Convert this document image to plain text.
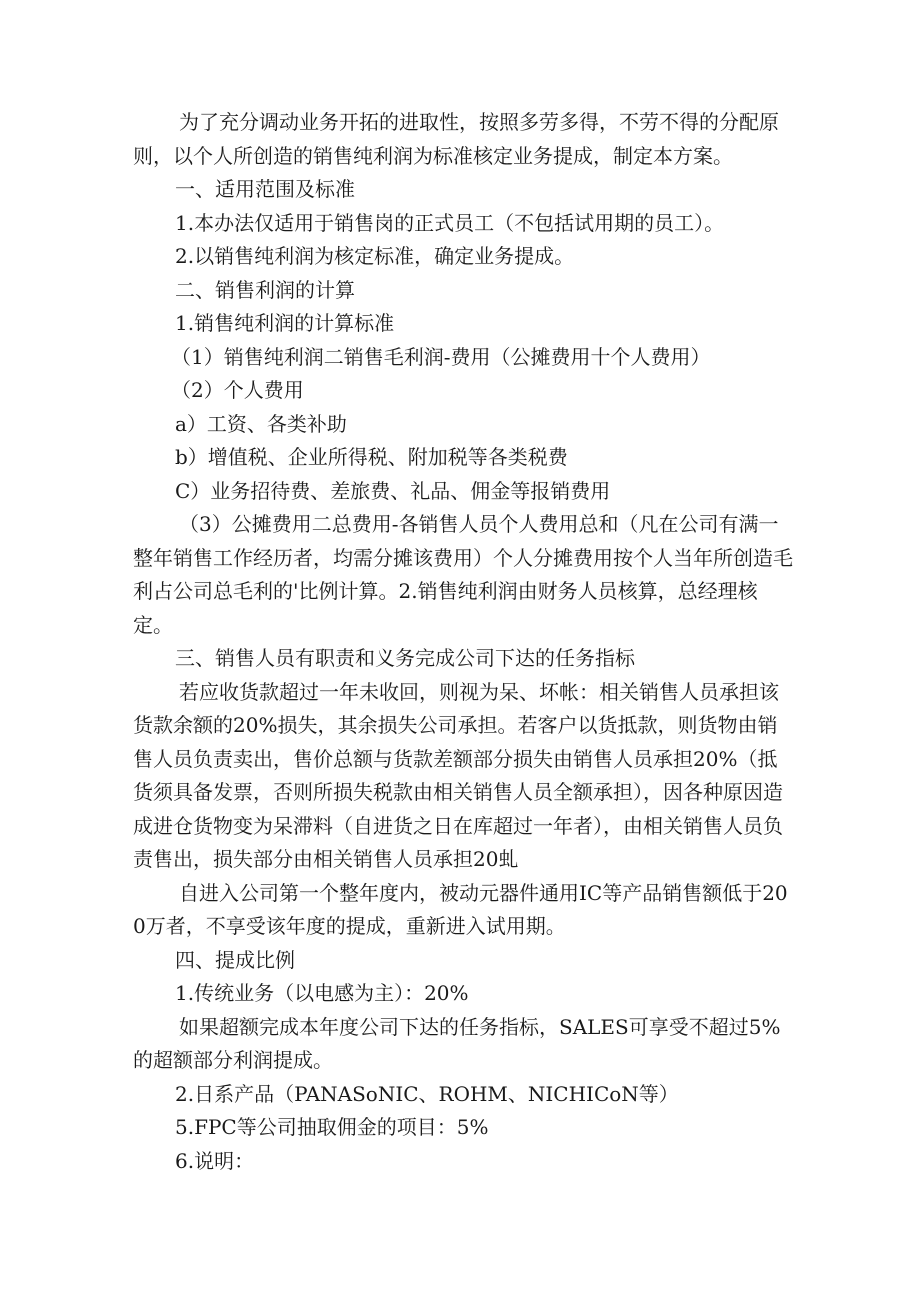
为了充分调动业务开拓的进取性，按照多劳多得，不劳不得的分配原则，以个人所创造的销售纯利润为标准核定业务提成，制定本方案。

一、适用范围及标准

1.本办法仅适用于销售岗的正式员工（不包括试用期的员工）。

2.以销售纯利润为核定标准，确定业务提成。

二、销售利润的计算

1.销售纯利润的计算标准

（1）销售纯利润二销售毛利润-费用（公摊费用十个人费用）

（2）个人费用

a）工资、各类补助

b）增值税、企业所得税、附加税等各类税费

C）业务招待费、差旅费、礼品、佣金等报销费用

（3）公摊费用二总费用-各销售人员个人费用总和（凡在公司有满一整年销售工作经历者，均需分摊该费用）个人分摊费用按个人当年所创造毛利占公司总毛利的'比例计算。2.销售纯利润由财务人员核算，总经理核定。

三、销售人员有职责和义务完成公司下达的任务指标

若应收货款超过一年未收回，则视为呆、坏帐：相关销售人员承担该货款余额的20%损失，其余损失公司承担。若客户以货抵款，则货物由销售人员负责卖出，售价总额与货款差额部分损失由销售人员承担20%（抵货须具备发票，否则所损失税款由相关销售人员全额承担），因各种原因造成进仓货物变为呆滞料（自进货之日在库超过一年者），由相关销售人员负责售出，损失部分由相关销售人员承担20虬

自进入公司第一个整年度内，被动元器件通用IC等产品销售额低于200万者，不享受该年度的提成，重新进入试用期。

四、提成比例

1.传统业务（以电感为主）：20%

如果超额完成本年度公司下达的任务指标，SALES可享受不超过5%的超额部分利润提成。

2.日系产品（PANASoNIC、ROHM、NICHICoN等）

5.FPC等公司抽取佣金的项目：5%

6.说明：
